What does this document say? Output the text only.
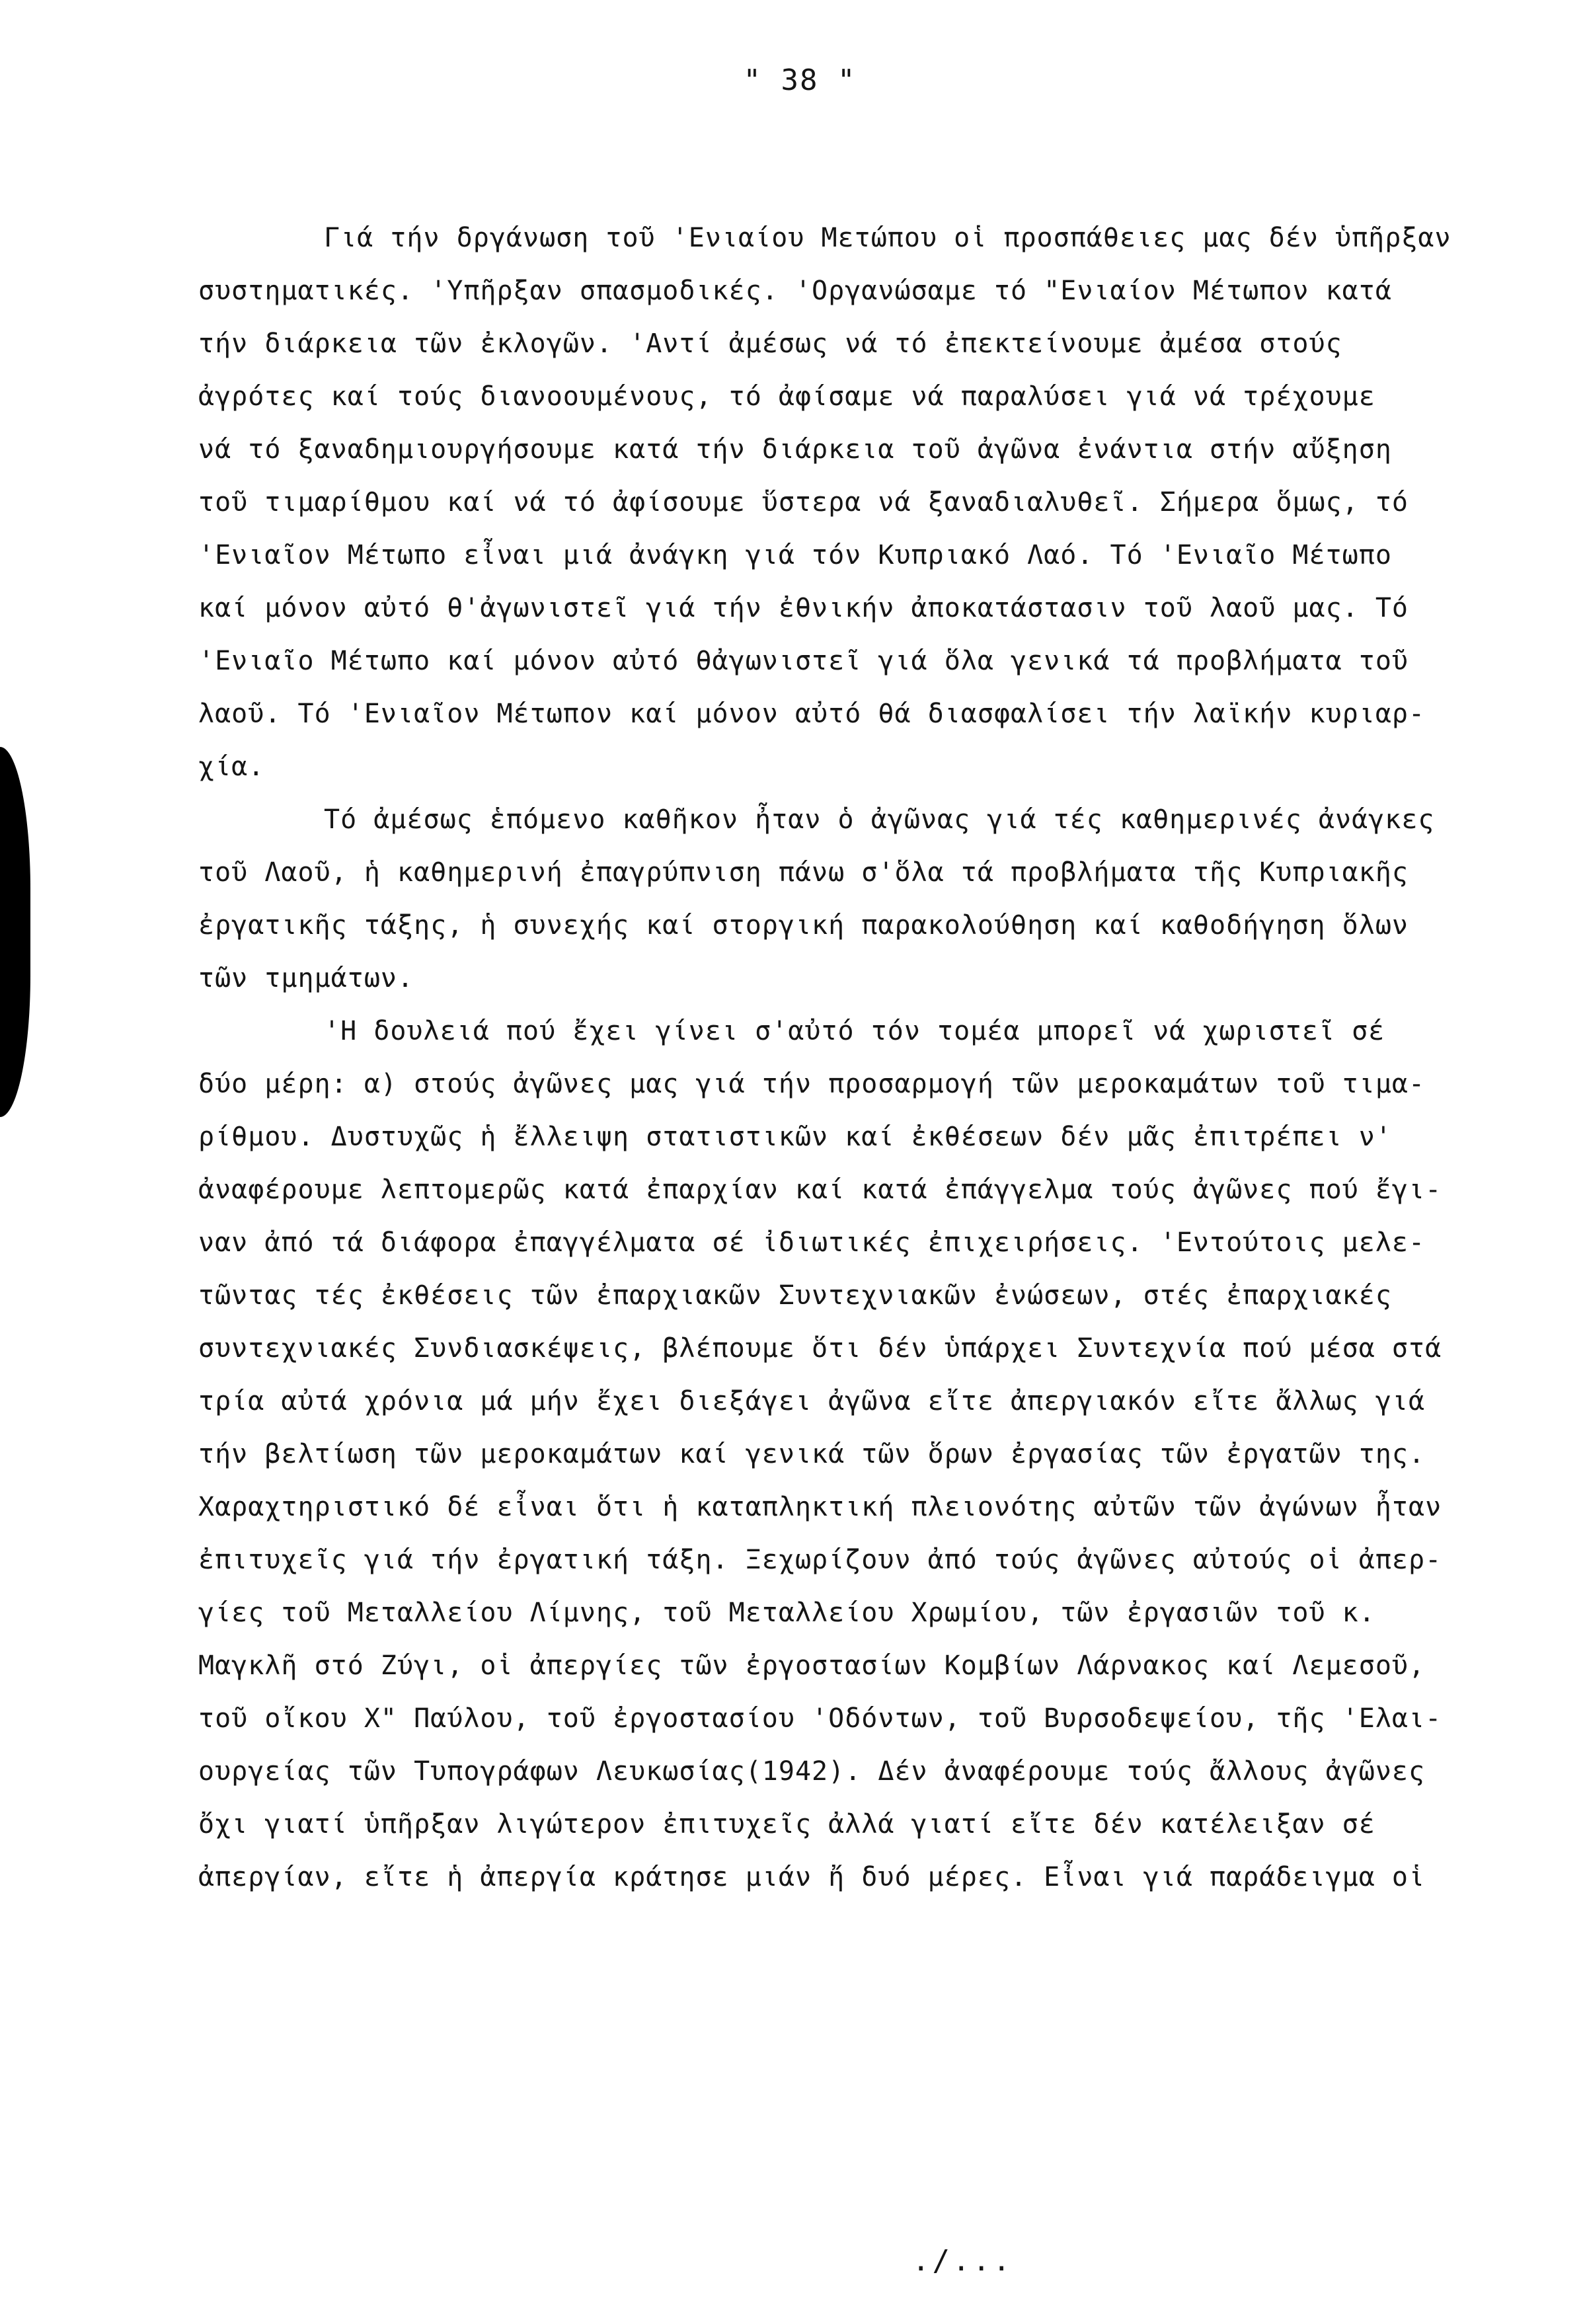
" 38 "
Γιά τήν δργάνωση τοῦ 'Ενιαίου Μετώπου οἱ προσπάθειες μας δέν ὑπῆρξαν
συστηματικές. 'Υπῆρξαν σπασμοδικές. 'Οργανώσαμε τό "Ενιαίον Μέτωπον κατά
τήν διάρκεια τῶν ἐκλογῶν. 'Αντί ἀμέσως νά τό ἐπεκτείνουμε ἀμέσα στούς
ἀγρότες καί τούς διανοουμένους, τό ἀφίσαμε νά παραλύσει γιά νά τρέχουμε
νά τό ξαναδημιουργήσουμε κατά τήν διάρκεια τοῦ ἀγῶνα ἐνάντια στήν αὔξηση
τοῦ τιμαρίθμου καί νά τό ἀφίσουμε ὕστερα νά ξαναδιαλυθεῖ. Σήμερα ὅμως, τό
'Ενιαῖον Μέτωπο εἶναι μιά ἀνάγκη γιά τόν Κυπριακό Λαό. Τό 'Ενιαῖο Μέτωπο
καί μόνον αὐτό θ'ἀγωνιστεῖ γιά τήν ἐθνικήν ἀποκατάστασιν τοῦ λαοῦ μας. Τό
'Ενιαῖο Μέτωπο καί μόνον αὐτό θἀγωνιστεῖ γιά ὅλα γενικά τά προβλήματα τοῦ
λαοῦ. Τό 'Ενιαῖον Μέτωπον καί μόνον αὐτό θά διασφαλίσει τήν λαϊκήν κυριαρ-
χία.
Τό ἀμέσως ἑπόμενο καθῆκον ἦταν ὁ ἀγῶνας γιά τές καθημερινές ἀνάγκες
τοῦ Λαοῦ, ἡ καθημερινή ἐπαγρύπνιση πάνω σ'ὅλα τά προβλήματα τῆς Κυπριακῆς
ἐργατικῆς τάξης, ἡ συνεχής καί στοργική παρακολούθηση καί καθοδήγηση ὅλων
τῶν τμημάτων.
'Η δουλειά πού ἔχει γίνει σ'αὐτό τόν τομέα μπορεῖ νά χωριστεῖ σέ
δύο μέρη: α) στούς ἀγῶνες μας γιά τήν προσαρμογή τῶν μεροκαμάτων τοῦ τιμα-
ρίθμου. Δυστυχῶς ἡ ἔλλειψη στατιστικῶν καί ἐκθέσεων δέν μᾶς ἐπιτρέπει ν'
ἀναφέρουμε λεπτομερῶς κατά ἐπαρχίαν καί κατά ἐπάγγελμα τούς ἀγῶνες πού ἔγι-
ναν ἀπό τά διάφορα ἐπαγγέλματα σέ ἰδιωτικές ἐπιχειρήσεις. 'Εντούτοις μελε-
τῶντας τές ἐκθέσεις τῶν ἐπαρχιακῶν Συντεχνιακῶν ἐνώσεων, στές ἐπαρχιακές
συντεχνιακές Συνδιασκέψεις, βλέπουμε ὅτι δέν ὑπάρχει Συντεχνία πού μέσα στά
τρία αὐτά χρόνια μά μήν ἔχει διεξάγει ἀγῶνα εἴτε ἀπεργιακόν εἴτε ἄλλως γιά
τήν βελτίωση τῶν μεροκαμάτων καί γενικά τῶν ὅρων ἐργασίας τῶν ἐργατῶν της.
Χαραχτηριστικό δέ εἶναι ὅτι ἡ καταπληκτική πλειονότης αὐτῶν τῶν ἀγώνων ἦταν
ἐπιτυχεῖς γιά τήν ἐργατική τάξη. Ξεχωρίζουν ἀπό τούς ἀγῶνες αὐτούς οἱ ἀπερ-
γίες τοῦ Μεταλλείου Λίμνης, τοῦ Μεταλλείου Χρωμίου, τῶν ἐργασιῶν τοῦ κ.
Μαγκλῆ στό Ζύγι, οἱ ἀπεργίες τῶν ἐργοστασίων Κομβίων Λάρνακος καί Λεμεσοῦ,
τοῦ οἴκου Χ" Παύλου, τοῦ ἐργοστασίου 'Οδόντων, τοῦ Βυρσοδεψείου, τῆς 'Ελαι-
ουργείας τῶν Τυπογράφων Λευκωσίας(1942). Δέν ἀναφέρουμε τούς ἄλλους ἀγῶνες
ὄχι γιατί ὑπῆρξαν λιγώτερον ἐπιτυχεῖς ἀλλά γιατί εἴτε δέν κατέλειξαν σέ
ἀπεργίαν, εἴτε ἡ ἀπεργία κράτησε μιάν ἤ δυό μέρες. Εἶναι γιά παράδειγμα οἱ
./...
